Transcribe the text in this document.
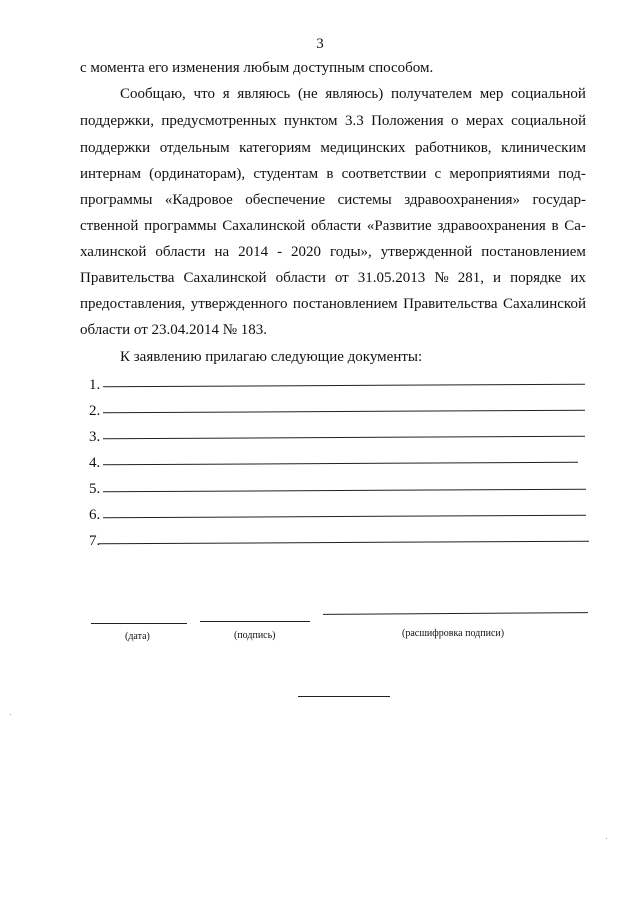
3
с момента его изменения любым доступным способом.
Сообщаю, что я являюсь (не являюсь) получателем мер социальной
поддержки, предусмотренных пунктом 3.3 Положения о мерах социальной
поддержки отдельным категориям медицинских работников, клиническим
интернам (ординаторам), студентам в соответствии с мероприятиями под-
программы «Кадровое обеспечение системы здравоохранения» государ-
ственной программы Сахалинской области «Развитие здравоохранения в Са-
халинской области на 2014 - 2020 годы», утвержденной постановлением
Правительства Сахалинской области от 31.05.2013 № 281, и порядке их
предоставления, утвержденного постановлением Правительства Сахалинской
области от 23.04.2014 № 183.
К заявлению прилагаю следующие документы:
1.
2.
3.
4.
5.
6.
7.
(дата)	(подпись)	(расшифровка подписи)
